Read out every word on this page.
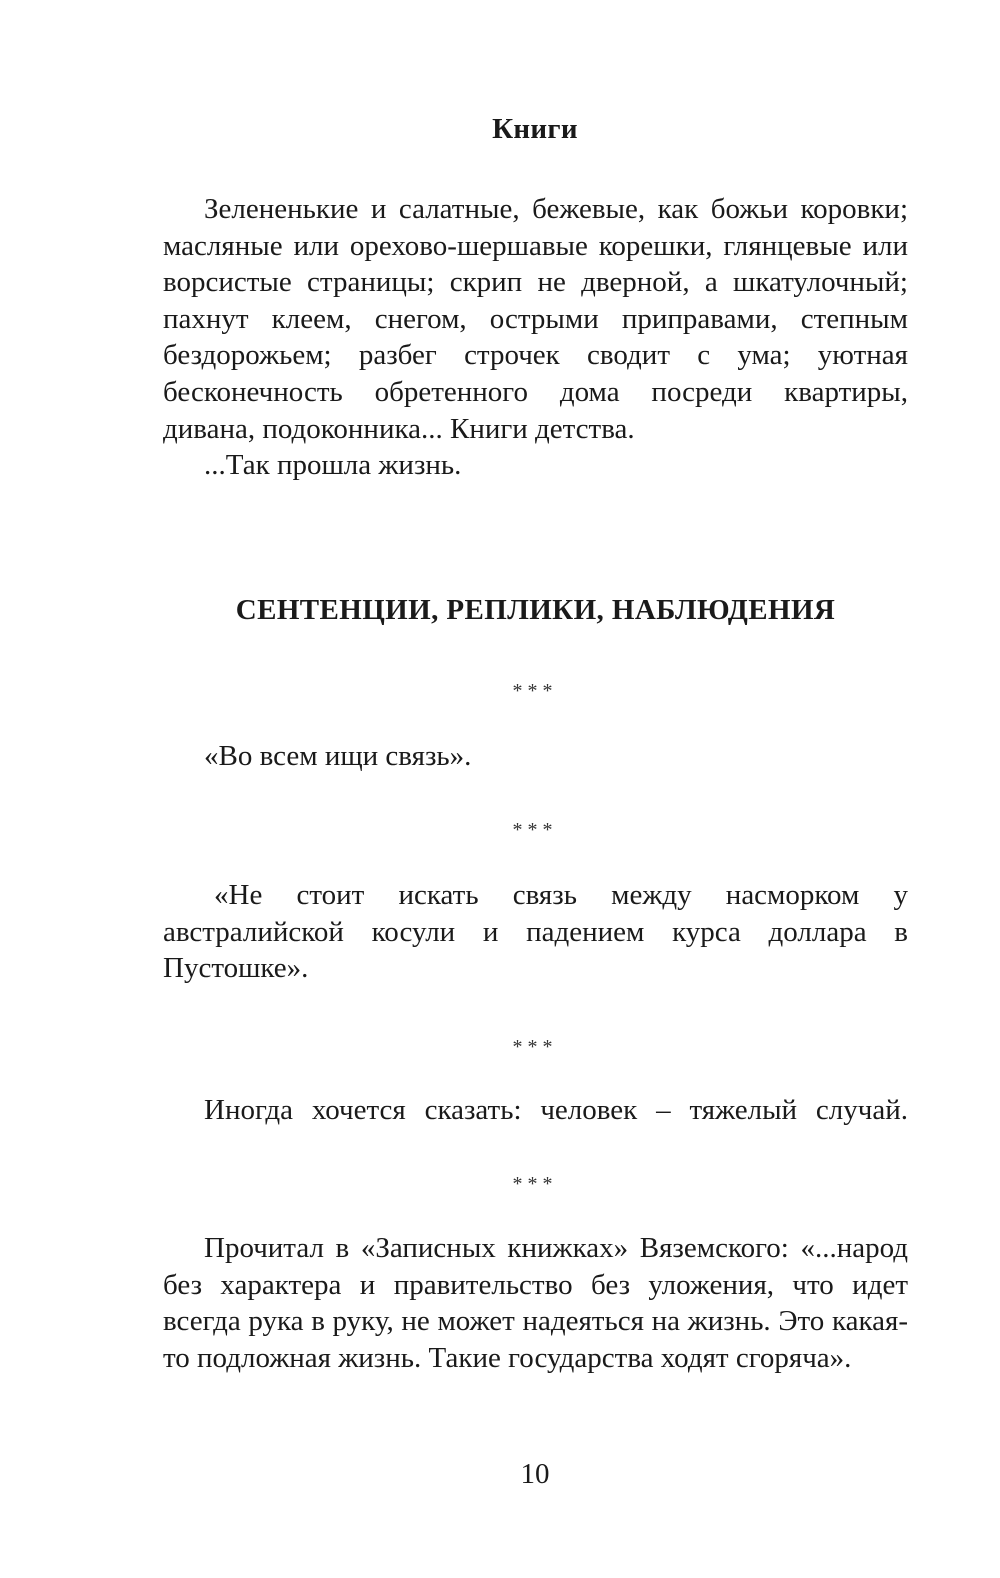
Книги

Зелененькие и салатные, бежевые, как божьи коровки; масляные или орехово-шершавые корешки, глянцевые или ворсистые страницы; скрип не дверной, а шкатулочный; пахнут клеем, снегом, острыми приправами, степным бездорожьем; разбег строчек сводит с ума; уютная бесконечность обретенного дома посреди квартиры, дивана, подоконника... Книги детства.

...Так прошла жизнь.

СЕНТЕНЦИИ, РЕПЛИКИ, НАБЛЮДЕНИЯ
***

«Во всем ищи связь».

***

«Не стоит искать связь между насморком у австралийской косули и падением курса доллара в Пустошке».

***

Иногда хочется сказать: человек – тяжелый случай.

***

Прочитал в «Записных книжках» Вяземского: «...народ без характера и правительство без уложения, что идет всегда рука в руку, не может надеяться на жизнь. Это какая-то подложная жизнь. Такие государства ходят сгоряча».

10
